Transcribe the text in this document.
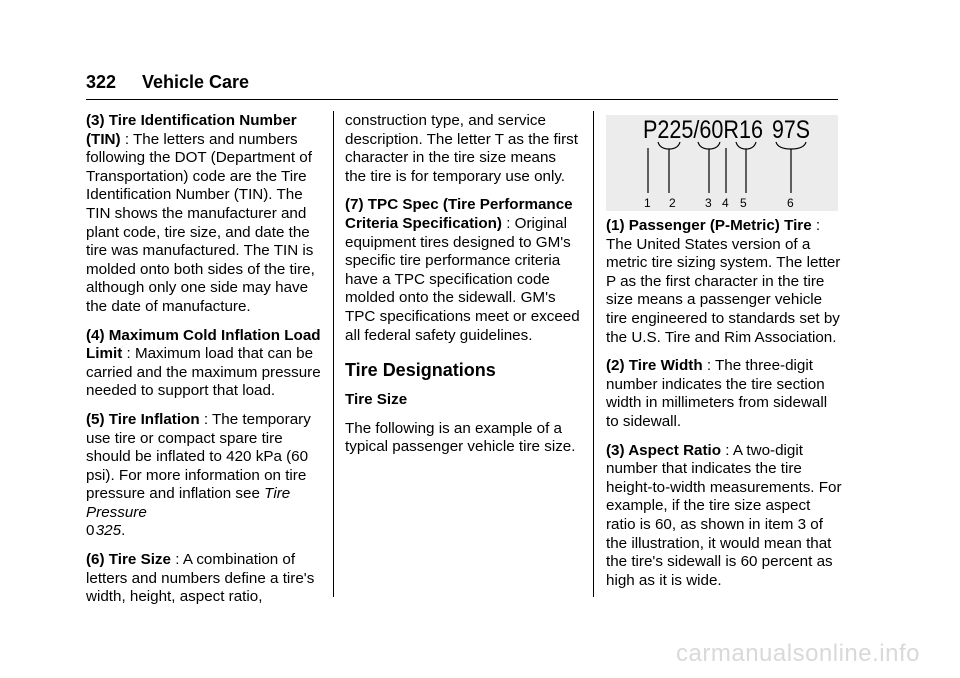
322 Vehicle Care

(3) Tire Identification Number (TIN) : The letters and numbers following the DOT (Department of Transportation) code are the Tire Identification Number (TIN). The TIN shows the manufacturer and plant code, tire size, and date the tire was manufactured. The TIN is molded onto both sides of the tire, although only one side may have the date of manufacture.

(4) Maximum Cold Inflation Load Limit : Maximum load that can be carried and the maximum pressure needed to support that load.

(5) Tire Inflation : The temporary use tire or compact spare tire should be inflated to 420 kPa (60 psi). For more information on tire pressure and inflation see Tire Pressure
0 325.

(6) Tire Size : A combination of letters and numbers define a tire's width, height, aspect ratio,

construction type, and service description. The letter T as the first character in the tire size means the tire is for temporary use only.

(7) TPC Spec (Tire Performance Criteria Specification) : Original equipment tires designed to GM's specific tire performance criteria have a TPC specification code molded onto the sidewall. GM's TPC specifications meet or exceed all federal safety guidelines.

Tire Designations
Tire Size

The following is an example of a typical passenger vehicle tire size.

P225/60R16 97S
1 2 3 4 5	6

(1) Passenger (P-Metric) Tire : The United States version of a metric tire sizing system. The letter P as the first character in the tire size means a passenger vehicle tire engineered to standards set by the U.S. Tire and Rim Association.

(2) Tire Width : The three-digit number indicates the tire section width in millimeters from sidewall to sidewall.

(3) Aspect Ratio : A two-digit number that indicates the tire height-to-width measurements. For example, if the tire size aspect ratio is 60, as shown in item 3 of the illustration, it would mean that the tire's sidewall is 60 percent as high as it is wide.

carmanualsonline.info
